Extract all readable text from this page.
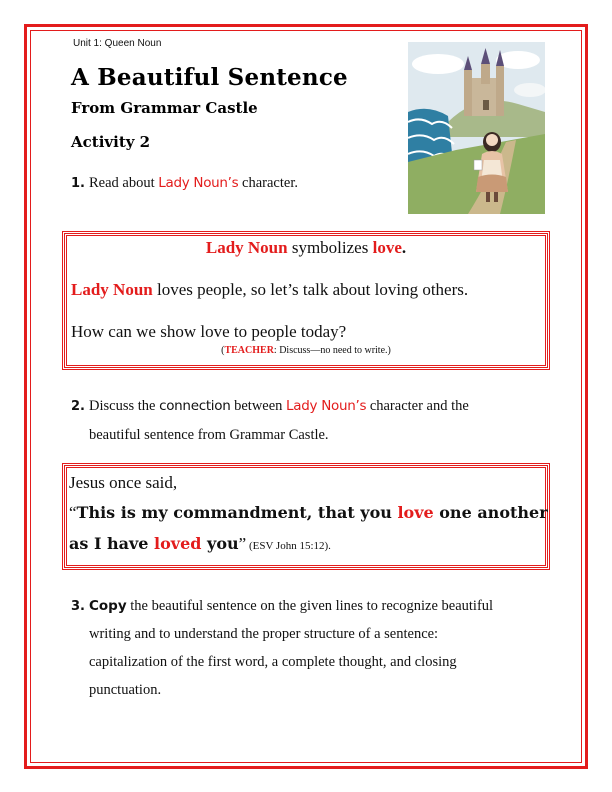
Unit 1: Queen Noun
A Beautiful Sentence
From Grammar Castle
Activity 2
1. Read about Lady Noun’s character.
Lady Noun symbolizes love.
Lady Noun loves people, so let’s talk about loving others.
How can we show love to people today?
(TEACHER: Discuss—no need to write.)
2. Discuss the connection between Lady Noun’s character and the
beautiful sentence from Grammar Castle.
Jesus once said,
“This is my commandment, that you love one another
as I have loved you” (ESV John 15:12).
3. Copy the beautiful sentence on the given lines to recognize beautiful
writing and to understand the proper structure of a sentence:
capitalization of the first word, a complete thought, and closing
punctuation.
